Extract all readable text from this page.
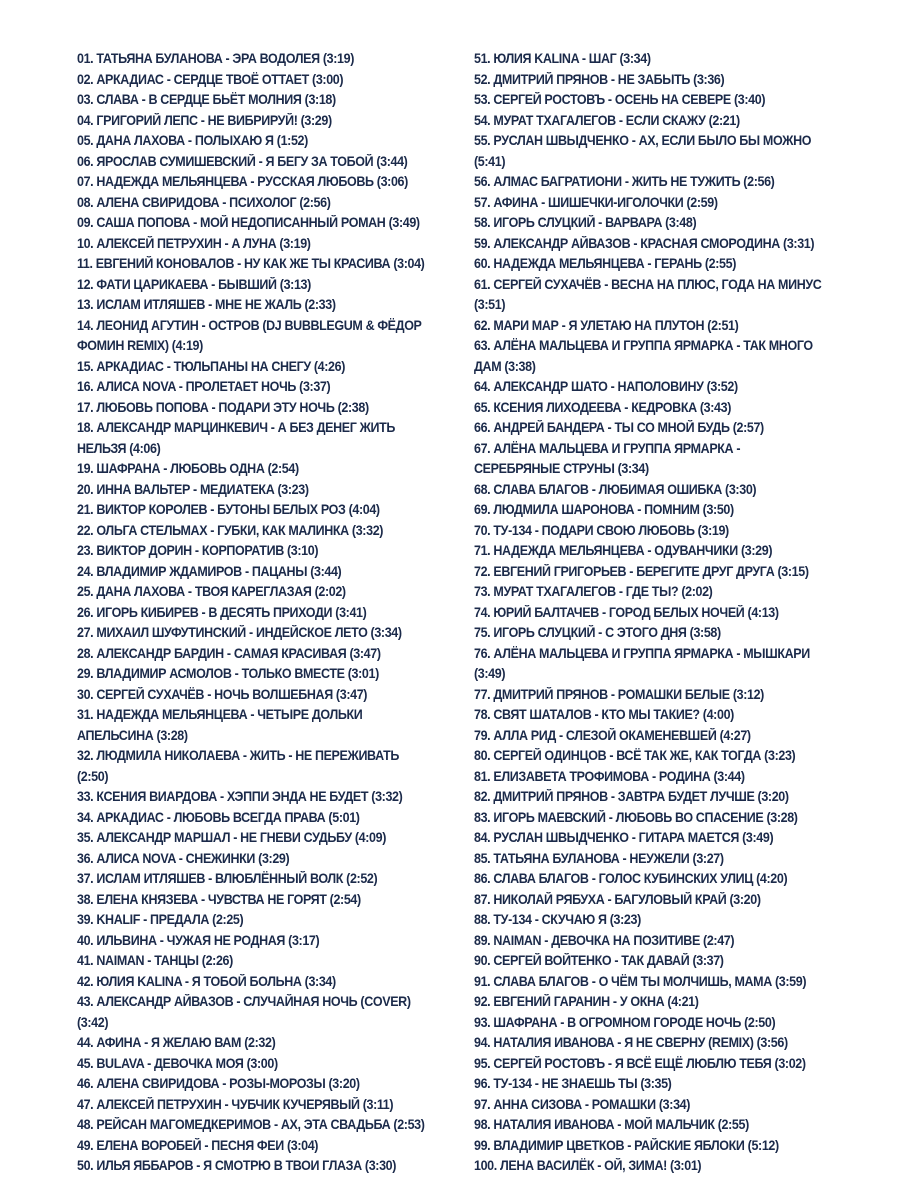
01. ТАТЬЯНА БУЛАНОВА - ЭРА ВОДОЛЕЯ (3:19)
02. АРКАДИАС - СЕРДЦЕ ТВОЁ ОТТАЕТ (3:00)
03. СЛАВА - В СЕРДЦЕ БЬЁТ МОЛНИЯ (3:18)
04. ГРИГОРИЙ ЛЕПС - НЕ ВИБРИРУЙ! (3:29)
05. ДАНА ЛАХОВА - ПОЛЫХАЮ Я (1:52)
06. ЯРОСЛАВ СУМИШЕВСКИЙ - Я БЕГУ ЗА ТОБОЙ (3:44)
07. НАДЕЖДА МЕЛЬЯНЦЕВА - РУССКАЯ ЛЮБОВЬ (3:06)
08. АЛЕНА СВИРИДОВА - ПСИХОЛОГ (2:56)
09. САША ПОПОВА - МОЙ НЕДОПИСАННЫЙ РОМАН (3:49)
10. АЛЕКСЕЙ ПЕТРУХИН - А ЛУНА (3:19)
11. ЕВГЕНИЙ КОНОВАЛОВ - НУ КАК ЖЕ ТЫ КРАСИВА (3:04)
12. ФАТИ ЦАРИКАЕВА - БЫВШИЙ (3:13)
13. ИСЛАМ ИТЛЯШЕВ - МНЕ НЕ ЖАЛЬ (2:33)
14. ЛЕОНИД АГУТИН - ОСТРОВ (DJ BUBBLEGUM & ФЁДОР ФОМИН REMIX) (4:19)
15. АРКАДИАС - ТЮЛЬПАНЫ НА СНЕГУ (4:26)
16. АЛИСА NOVA - ПРОЛЕТАЕТ НОЧЬ (3:37)
17. ЛЮБОВЬ ПОПОВА - ПОДАРИ ЭТУ НОЧЬ (2:38)
18. АЛЕКСАНДР МАРЦИНКЕВИЧ - А БЕЗ ДЕНЕГ ЖИТЬ НЕЛЬЗЯ (4:06)
19. ШАФРАНА - ЛЮБОВЬ ОДНА (2:54)
20. ИННА ВАЛЬТЕР - МЕДИАТЕКА (3:23)
21. ВИКТОР КОРОЛЕВ - БУТОНЫ БЕЛЫХ РОЗ (4:04)
22. ОЛЬГА СТЕЛЬМАХ - ГУБКИ, КАК МАЛИНКА (3:32)
23. ВИКТОР ДОРИН - КОРПОРАТИВ (3:10)
24. ВЛАДИМИР ЖДАМИРОВ - ПАЦАНЫ (3:44)
25. ДАНА ЛАХОВА - ТВОЯ КАРЕГЛАЗАЯ (2:02)
26. ИГОРЬ КИБИРЕВ - В ДЕСЯТЬ ПРИХОДИ (3:41)
27. МИХАИЛ ШУФУТИНСКИЙ - ИНДЕЙСКОЕ ЛЕТО (3:34)
28. АЛЕКСАНДР БАРДИН - САМАЯ КРАСИВАЯ (3:47)
29. ВЛАДИМИР АСМОЛОВ - ТОЛЬКО ВМЕСТЕ (3:01)
30. СЕРГЕЙ СУХАЧЁВ - НОЧЬ ВОЛШЕБНАЯ (3:47)
31. НАДЕЖДА МЕЛЬЯНЦЕВА - ЧЕТЫРЕ ДОЛЬКИ АПЕЛЬСИНА (3:28)
32. ЛЮДМИЛА НИКОЛАЕВА - ЖИТЬ - НЕ ПЕРЕЖИВАТЬ (2:50)
33. КСЕНИЯ ВИАРДОВА - ХЭППИ ЭНДА НЕ БУДЕТ (3:32)
34. АРКАДИАС - ЛЮБОВЬ ВСЕГДА ПРАВА (5:01)
35. АЛЕКСАНДР МАРШАЛ - НЕ ГНЕВИ СУДЬБУ (4:09)
36. АЛИСА NOVA - СНЕЖИНКИ (3:29)
37. ИСЛАМ ИТЛЯШЕВ - ВЛЮБЛЁННЫЙ ВОЛК (2:52)
38. ЕЛЕНА КНЯЗЕВА - ЧУВСТВА НЕ ГОРЯТ (2:54)
39. KHALIF - ПРЕДАЛА (2:25)
40. ИЛЬВИНА - ЧУЖАЯ НЕ РОДНАЯ (3:17)
41. NAIMAN - ТАНЦЫ (2:26)
42. ЮЛИЯ KALINA - Я ТОБОЙ БОЛЬНА (3:34)
43. АЛЕКСАНДР АЙВАЗОВ - СЛУЧАЙНАЯ НОЧЬ (COVER) (3:42)
44. АФИНА - Я ЖЕЛАЮ ВАМ (2:32)
45. BULAVA - ДЕВОЧКА МОЯ (3:00)
46. АЛЕНА СВИРИДОВА - РОЗЫ-МОРОЗЫ (3:20)
47. АЛЕКСЕЙ ПЕТРУХИН - ЧУБЧИК КУЧЕРЯВЫЙ (3:11)
48. РЕЙСАН МАГОМЕДКЕРИМОВ - АХ, ЭТА СВАДЬБА (2:53)
49. ЕЛЕНА ВОРОБЕЙ - ПЕСНЯ ФЕИ (3:04)
50. ИЛЬЯ ЯББАРОВ - Я СМОТРЮ В ТВОИ ГЛАЗА (3:30)
51. ЮЛИЯ KALINA - ШАГ (3:34)
52. ДМИТРИЙ ПРЯНОВ - НЕ ЗАБЫТЬ (3:36)
53. СЕРГЕЙ РОСТОВЪ - ОСЕНЬ НА СЕВЕРЕ (3:40)
54. МУРАТ ТХАГАЛЕГОВ - ЕСЛИ СКАЖУ (2:21)
55. РУСЛАН ШВЫДЧЕНКО - АХ, ЕСЛИ БЫЛО БЫ МОЖНО (5:41)
56. АЛМАС БАГРАТИОНИ - ЖИТЬ НЕ ТУЖИТЬ (2:56)
57. АФИНА - ШИШЕЧКИ-ИГОЛОЧКИ (2:59)
58. ИГОРЬ СЛУЦКИЙ - ВАРВАРА (3:48)
59. АЛЕКСАНДР АЙВАЗОВ - КРАСНАЯ СМОРОДИНА (3:31)
60. НАДЕЖДА МЕЛЬЯНЦЕВА - ГЕРАНЬ (2:55)
61. СЕРГЕЙ СУХАЧЁВ - ВЕСНА НА ПЛЮС, ГОДА НА МИНУС (3:51)
62. МАРИ МАР - Я УЛЕТАЮ НА ПЛУТОН (2:51)
63. АЛЁНА МАЛЬЦЕВА И ГРУППА ЯРМАРКА - ТАК МНОГО ДАМ (3:38)
64. АЛЕКСАНДР ШАТО - НАПОЛОВИНУ (3:52)
65. КСЕНИЯ ЛИХОДЕЕВА - КЕДРОВКА (3:43)
66. АНДРЕЙ БАНДЕРА - ТЫ СО МНОЙ БУДЬ (2:57)
67. АЛЁНА МАЛЬЦЕВА И ГРУППА ЯРМАРКА - СЕРЕБРЯНЫЕ СТРУНЫ (3:34)
68. СЛАВА БЛАГОВ - ЛЮБИМАЯ ОШИБКА (3:30)
69. ЛЮДМИЛА ШАРОНОВА - ПОМНИМ (3:50)
70. ТУ-134 - ПОДАРИ СВОЮ ЛЮБОВЬ (3:19)
71. НАДЕЖДА МЕЛЬЯНЦЕВА - ОДУВАНЧИКИ (3:29)
72. ЕВГЕНИЙ ГРИГОРЬЕВ - БЕРЕГИТЕ ДРУГ ДРУГА (3:15)
73. МУРАТ ТХАГАЛЕГОВ - ГДЕ ТЫ? (2:02)
74. ЮРИЙ БАЛТАЧЕВ - ГОРОД БЕЛЫХ НОЧЕЙ (4:13)
75. ИГОРЬ СЛУЦКИЙ - С ЭТОГО ДНЯ (3:58)
76. АЛЁНА МАЛЬЦЕВА И ГРУППА ЯРМАРКА - МЫШКАРИ (3:49)
77. ДМИТРИЙ ПРЯНОВ - РОМАШКИ БЕЛЫЕ (3:12)
78. СВЯТ ШАТАЛОВ - КТО МЫ ТАКИЕ? (4:00)
79. АЛЛА РИД - СЛЕЗОЙ ОКАМЕНЕВШЕЙ (4:27)
80. СЕРГЕЙ ОДИНЦОВ - ВСЁ ТАК ЖЕ, КАК ТОГДА (3:23)
81. ЕЛИЗАВЕТА ТРОФИМОВА - РОДИНА (3:44)
82. ДМИТРИЙ ПРЯНОВ - ЗАВТРА БУДЕТ ЛУЧШЕ (3:20)
83. ИГОРЬ МАЕВСКИЙ - ЛЮБОВЬ ВО СПАСЕНИЕ (3:28)
84. РУСЛАН ШВЫДЧЕНКО - ГИТАРА МАЕТСЯ (3:49)
85. ТАТЬЯНА БУЛАНОВА - НЕУЖЕЛИ (3:27)
86. СЛАВА БЛАГОВ - ГОЛОС КУБИНСКИХ УЛИЦ (4:20)
87. НИКОЛАЙ РЯБУХА - БАГУЛОВЫЙ КРАЙ (3:20)
88. ТУ-134 - СКУЧАЮ Я (3:23)
89. NAIMAN - ДЕВОЧКА НА ПОЗИТИВЕ (2:47)
90. СЕРГЕЙ ВОЙТЕНКО - ТАК ДАВАЙ (3:37)
91. СЛАВА БЛАГОВ - О ЧЁМ ТЫ МОЛЧИШЬ, МАМА (3:59)
92. ЕВГЕНИЙ ГАРАНИН - У ОКНА (4:21)
93. ШАФРАНА - В ОГРОМНОМ ГОРОДЕ НОЧЬ (2:50)
94. НАТАЛИЯ ИВАНОВА - Я НЕ СВЕРНУ (REMIX) (3:56)
95. СЕРГЕЙ РОСТОВЪ - Я ВСЁ ЕЩЁ ЛЮБЛЮ ТЕБЯ (3:02)
96. ТУ-134 - НЕ ЗНАЕШЬ ТЫ (3:35)
97. АННА СИЗОВА - РОМАШКИ (3:34)
98. НАТАЛИЯ ИВАНОВА - МОЙ МАЛЬЧИК (2:55)
99. ВЛАДИМИР ЦВЕТКОВ - РАЙСКИЕ ЯБЛОКИ (5:12)
100. ЛЕНА ВАСИЛЁК - ОЙ, ЗИМА! (3:01)
